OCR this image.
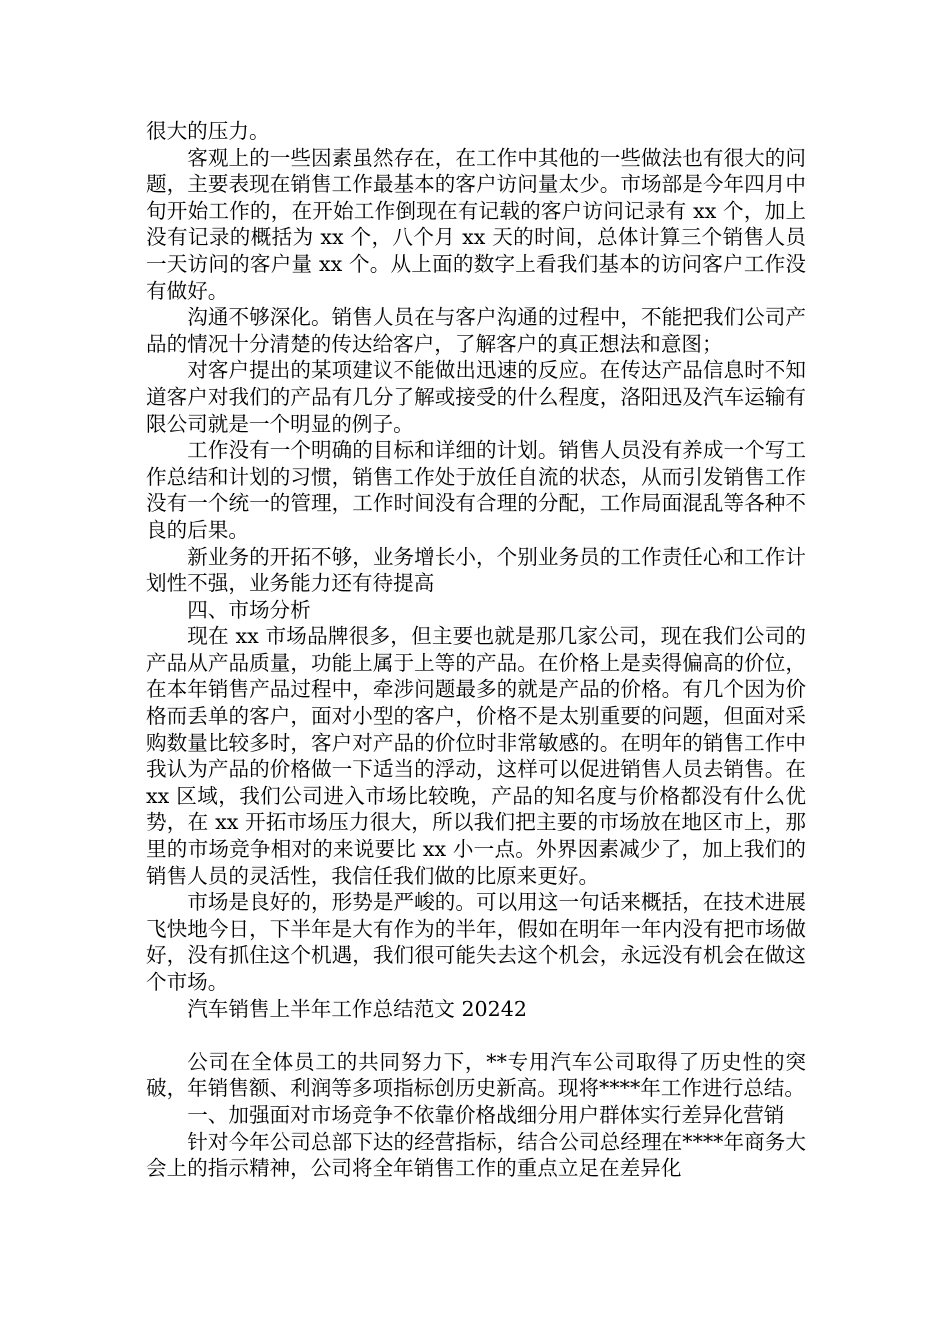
很大的压力。

客观上的一些因素虽然存在，在工作中其他的一些做法也有很大的问题，主要表现在销售工作最基本的客户访问量太少。市场部是今年四月中旬开始工作的，在开始工作倒现在有记载的客户访问记录有 xx 个，加上没有记录的概括为 xx 个，八个月 xx 天的时间，总体计算三个销售人员一天访问的客户量 xx 个。从上面的数字上看我们基本的访问客户工作没有做好。

沟通不够深化。销售人员在与客户沟通的过程中，不能把我们公司产品的情况十分清楚的传达给客户，了解客户的真正想法和意图；

对客户提出的某项建议不能做出迅速的反应。在传达产品信息时不知道客户对我们的产品有几分了解或接受的什么程度，洛阳迅及汽车运输有限公司就是一个明显的例子。

工作没有一个明确的目标和详细的计划。销售人员没有养成一个写工作总结和计划的习惯，销售工作处于放任自流的状态，从而引发销售工作没有一个统一的管理，工作时间没有合理的分配，工作局面混乱等各种不良的后果。

新业务的开拓不够，业务增长小，个别业务员的工作责任心和工作计划性不强，业务能力还有待提高

四、市场分析

现在 xx 市场品牌很多，但主要也就是那几家公司，现在我们公司的产品从产品质量，功能上属于上等的产品。在价格上是卖得偏高的价位，在本年销售产品过程中，牵涉问题最多的就是产品的价格。有几个因为价格而丢单的客户，面对小型的客户，价格不是太别重要的问题，但面对采购数量比较多时，客户对产品的价位时非常敏感的。在明年的销售工作中我认为产品的价格做一下适当的浮动，这样可以促进销售人员去销售。在 xx 区域，我们公司进入市场比较晚，产品的知名度与价格都没有什么优势，在 xx 开拓市场压力很大，所以我们把主要的市场放在地区市上，那里的市场竞争相对的来说要比 xx 小一点。外界因素减少了，加上我们的销售人员的灵活性，我信任我们做的比原来更好。

市场是良好的，形势是严峻的。可以用这一句话来概括，在技术进展飞快地今日，下半年是大有作为的半年，假如在明年一年内没有把市场做好，没有抓住这个机遇，我们很可能失去这个机会，永远没有机会在做这个市场。

汽车销售上半年工作总结范文 20242

公司在全体员工的共同努力下，**专用汽车公司取得了历史性的突破，年销售额、利润等多项指标创历史新高。现将****年工作进行总结。

一、加强面对市场竞争不依靠价格战细分用户群体实行差异化营销

针对今年公司总部下达的经营指标，结合公司总经理在****年商务大会上的指示精神，公司将全年销售工作的重点立足在差异化
